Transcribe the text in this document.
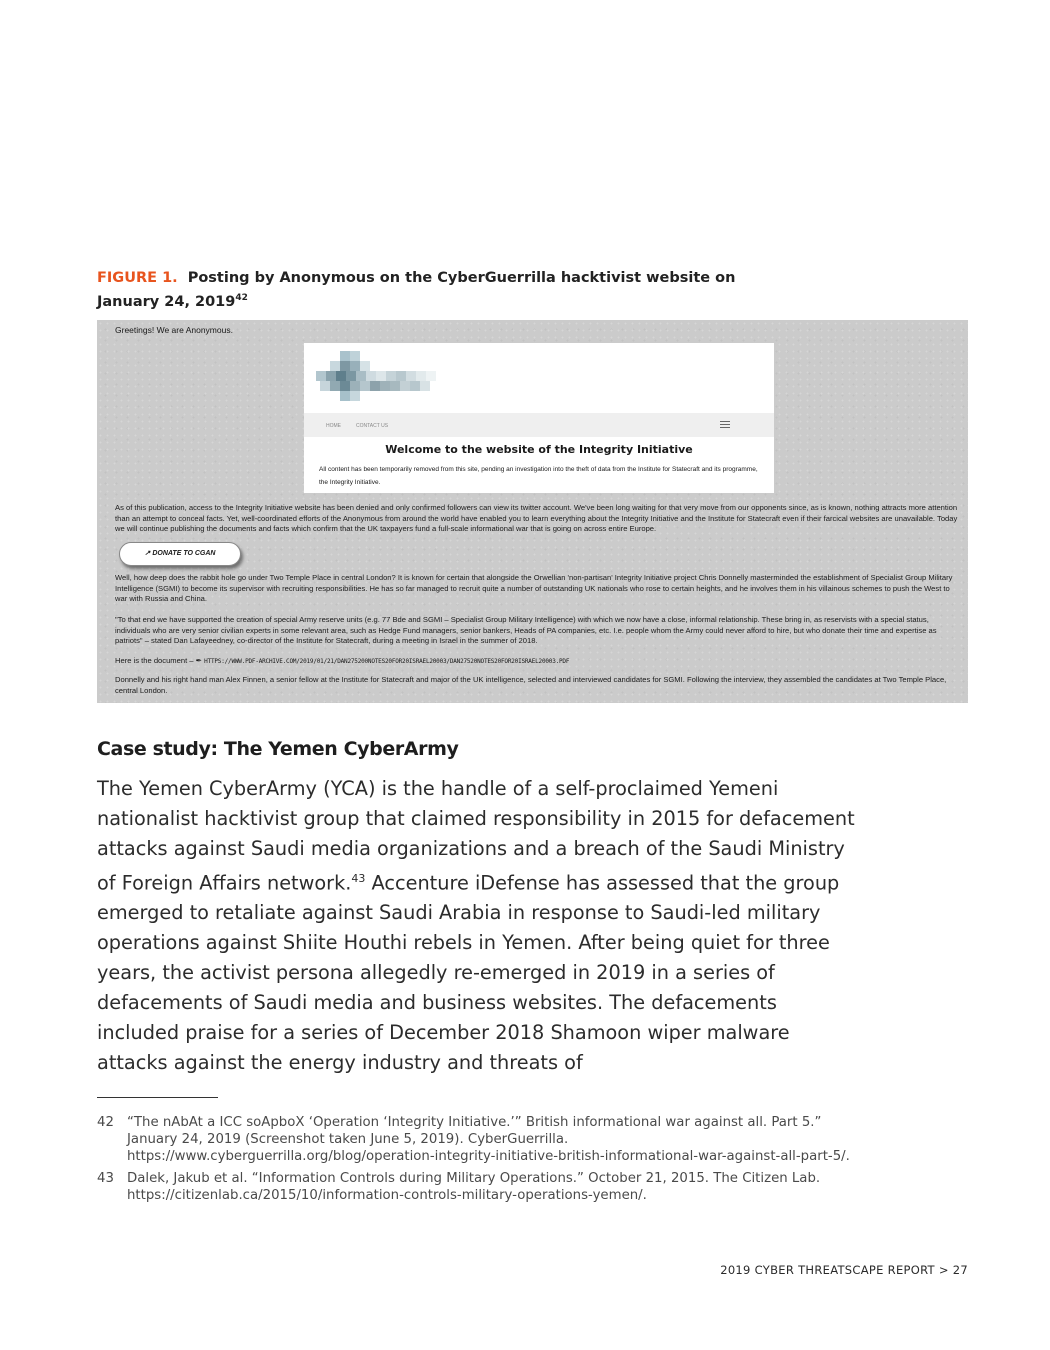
FIGURE 1. Posting by Anonymous on the CyberGuerrilla hacktivist website on January 24, 2019$^{42}$
Greetings! We are Anonymous.
HOME	CONTACT US
Welcome to the website of the Integrity Initiative
All content has been temporarily removed from this site, pending an investigation into the theft of data from the Institute for Statecraft and its programme, the Integrity Initiative.

As of this publication, access to the Integrity Initiative website has been denied and only confirmed followers can view its twitter account. We've been long waiting for that very move from our opponents since, as is known, nothing attracts more attention than an attempt to conceal facts. Yet, well-coordinated efforts of the Anonymous from around the world have enabled you to learn everything about the Integrity Initiative and the Institute for Statecraft even if their farcical websites are unavailable. Today we will continue publishing the documents and facts which confirm that the UK taxpayers fund a full-scale informational war that is going on across entire Europe.

↗ DONATE TO CGAN

Well, how deep does the rabbit hole go under Two Temple Place in central London? It is known for certain that alongside the Orwellian 'non-partisan' Integrity Initiative project Chris Donnelly masterminded the establishment of Specialist Group Military Intelligence (SGMI) to become its supervisor with recruiting responsibilities. He has so far managed to recruit quite a number of outstanding UK nationals who rose to certain heights, and he involves them in his villainous schemes to push the West to war with Russia and China.

"To that end we have supported the creation of special Army reserve units (e.g. 77 Bde and SGMI – Specialist Group Military Intelligence) with which we now have a close, informal relationship. These bring in, as reservists with a special status, individuals who are very senior civilian experts in some relevant area, such as Hedge Fund managers, senior bankers, Heads of PA companies, etc. I.e. people whom the Army could never afford to hire, but who donate their time and expertise as patriots" – stated Dan Lafayeedney, co-director of the Institute for Statecraft, during a meeting in Israel in the summer of 2018.

Here is the document – ✒ HTTPS://WWW.PDF-ARCHIVE.COM/2019/01/21/DAN275200NOTES20FOR20ISRAEL20003/DAN27520NOTES20FOR20ISRAEL20003.PDF

Donnelly and his right hand man Alex Finnen, a senior fellow at the Institute for Statecraft and major of the UK intelligence, selected and interviewed candidates for SGMI. Following the interview, they assembled the candidates at Two Temple Place, central London.

Case study: The Yemen CyberArmy
The Yemen CyberArmy (YCA) is the handle of a self-proclaimed Yemeni nationalist hacktivist group that claimed responsibility in 2015 for defacement attacks against Saudi media organizations and a breach of the Saudi Ministry of Foreign Affairs network.$^{43}$ Accenture iDefense has assessed that the group emerged to retaliate against Saudi Arabia in response to Saudi-led military operations against Shiite Houthi rebels in Yemen. After being quiet for three years, the activist persona allegedly re-emerged in 2019 in a series of defacements of Saudi media and business websites. The defacements included praise for a series of December 2018 Shamoon wiper malware attacks against the energy industry and threats of
42 “The nAbAt a ICC soApboX ‘Operation ‘Integrity Initiative.’” British informational war against all. Part 5.” January 24, 2019 (Screenshot taken June 5, 2019). CyberGuerrilla. https://www.cyberguerrilla.org/blog/operation-integrity-initiative-british-informational-war-against-all-part-5/.
43 Dalek, Jakub et al. “Information Controls during Military Operations.” October 21, 2015. The Citizen Lab. https://citizenlab.ca/2015/10/information-controls-military-operations-yemen/.
2019 CYBER THREATSCAPE REPORT > 27
